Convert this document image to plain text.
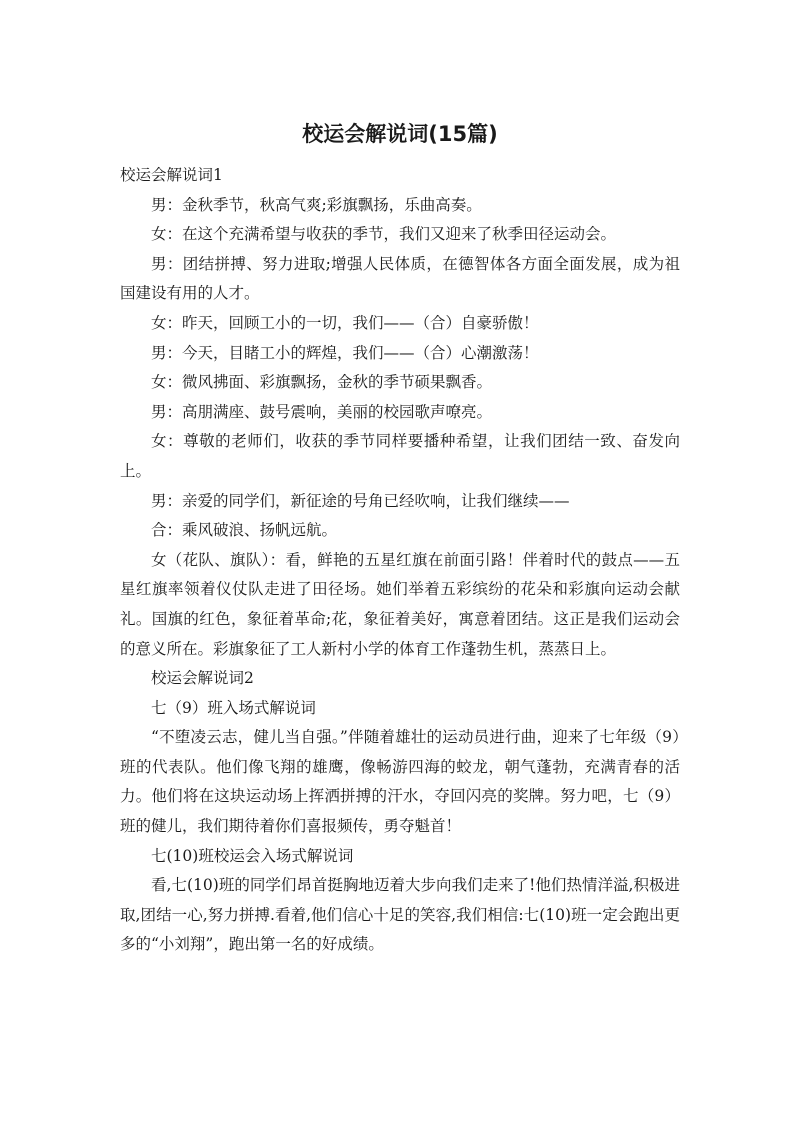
校运会解说词(15篇)

校运会解说词1

男：金秋季节，秋高气爽;彩旗飘扬，乐曲高奏。

女：在这个充满希望与收获的季节，我们又迎来了秋季田径运动会。

男：团结拼搏、努力进取;增强人民体质，在德智体各方面全面发展，成为祖国建设有用的人才。

女：昨天，回顾工小的一切，我们——（合）自豪骄傲！

男：今天，目睹工小的辉煌，我们——（合）心潮激荡！

女：微风拂面、彩旗飘扬，金秋的季节硕果飘香。

男：高朋满座、鼓号震响，美丽的校园歌声嘹亮。

女：尊敬的老师们，收获的季节同样要播种希望，让我们团结一致、奋发向上。

男：亲爱的同学们，新征途的号角已经吹响，让我们继续——

合：乘风破浪、扬帆远航。

女（花队、旗队）：看，鲜艳的五星红旗在前面引路！伴着时代的鼓点——五星红旗率领着仪仗队走进了田径场。她们举着五彩缤纷的花朵和彩旗向运动会献礼。国旗的红色，象征着革命;花，象征着美好，寓意着团结。这正是我们运动会的意义所在。彩旗象征了工人新村小学的体育工作蓬勃生机，蒸蒸日上。

校运会解说词2

七（9）班入场式解说词

“不堕凌云志，健儿当自强。”伴随着雄壮的运动员进行曲，迎来了七年级（9）班的代表队。他们像飞翔的雄鹰，像畅游四海的蛟龙，朝气蓬勃，充满青春的活力。他们将在这块运动场上挥洒拼搏的汗水，夺回闪亮的奖牌。努力吧，七（9）班的健儿，我们期待着你们喜报频传，勇夺魁首！

七(10)班校运会入场式解说词

看,七(10)班的同学们昂首挺胸地迈着大步向我们走来了!他们热情洋溢,积极进取,团结一心,努力拼搏.看着,他们信心十足的笑容,我们相信:七(10)班一定会跑出更多的“小刘翔”，跑出第一名的好成绩。
